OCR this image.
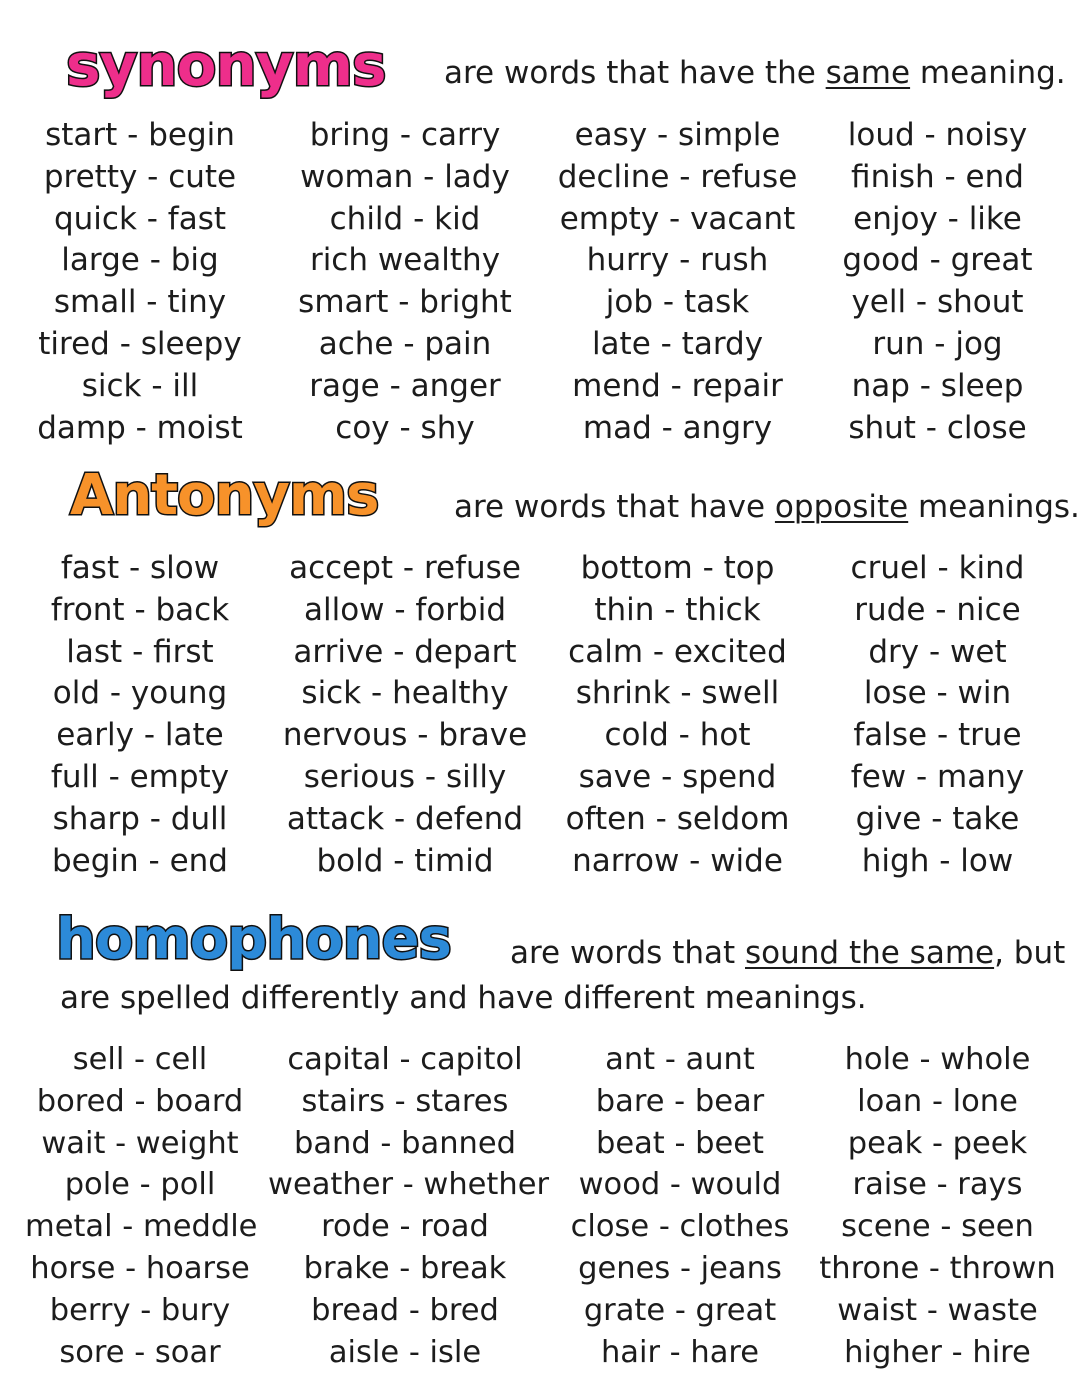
synonyms are words that have the same meaning.
start - begin
pretty - cute
quick - fast
large - big
small - tiny
tired - sleepy
sick - ill
damp - moist
bring - carry
woman - lady
child - kid
rich wealthy
smart - bright
ache - pain
rage - anger
coy - shy
easy - simple
decline - refuse
empty - vacant
hurry - rush
job - task
late - tardy
mend - repair
mad - angry
loud - noisy
finish - end
enjoy - like
good - great
yell - shout
run - jog
nap - sleep
shut - close
Antonyms are words that have opposite meanings.
fast - slow
front - back
last - first
old - young
early - late
full - empty
sharp - dull
begin - end
accept - refuse
allow - forbid
arrive - depart
sick - healthy
nervous - brave
serious - silly
attack - defend
bold - timid
bottom - top
thin - thick
calm - excited
shrink - swell
cold - hot
save - spend
often - seldom
narrow - wide
cruel - kind
rude - nice
dry - wet
lose - win
false - true
few - many
give - take
high - low
homophones are words that sound the same, but
are spelled differently and have different meanings.
sell - cell
bored - board
wait - weight
pole - poll
metal - meddle
horse - hoarse
berry - bury
sore - soar
capital - capitol
stairs - stares
band - banned
weather - whether
rode - road
brake - break
bread - bred
aisle - isle
ant - aunt
bare - bear
beat - beet
wood - would
close - clothes
genes - jeans
grate - great
hair - hare
hole - whole
loan - lone
peak - peek
raise - rays
scene - seen
throne - thrown
waist - waste
higher - hire
